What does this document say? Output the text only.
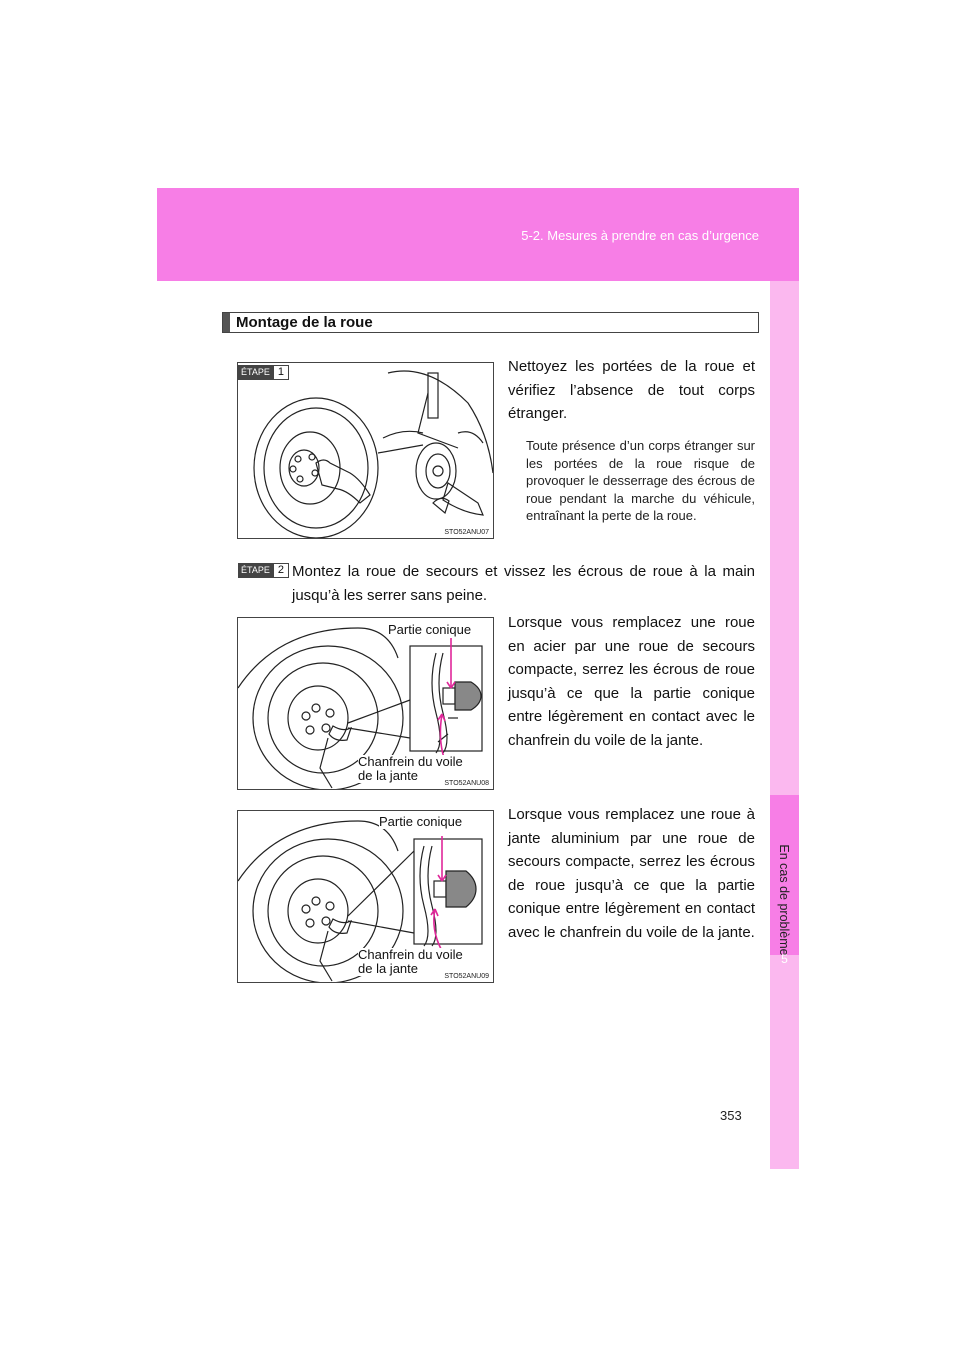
5-2. Mesures à prendre en cas d’urgence
En cas de problème
5
Montage de la roue
STO52ANU07
ÉTAPE 1	Nettoyez les portées de la roue et vérifiez l’absence de tout corps étranger.
Toute présence d’un corps étranger sur les portées de la roue risque de provoquer le desserrage des écrous de roue pendant la marche du véhicule, entraînant la perte de la roue.
ÉTAPE 2 Montez la roue de secours et vissez les écrous de roue à la main jusqu’à les serrer sans peine.
Partie conique
Chanfrein du voile
de la jante
STO52ANU08
Lorsque vous remplacez une roue en acier par une roue de secours compacte, serrez les écrous de roue jusqu’à ce que la partie conique entre légèrement en contact avec le chanfrein du voile de la jante.
Partie conique
Chanfrein du voile
de la jante
STO52ANU09
Lorsque vous remplacez une roue à jante aluminium par une roue de secours compacte, serrez les écrous de roue jusqu’à ce que la partie conique entre légèrement en contact avec le chanfrein du voile de la jante.
353
